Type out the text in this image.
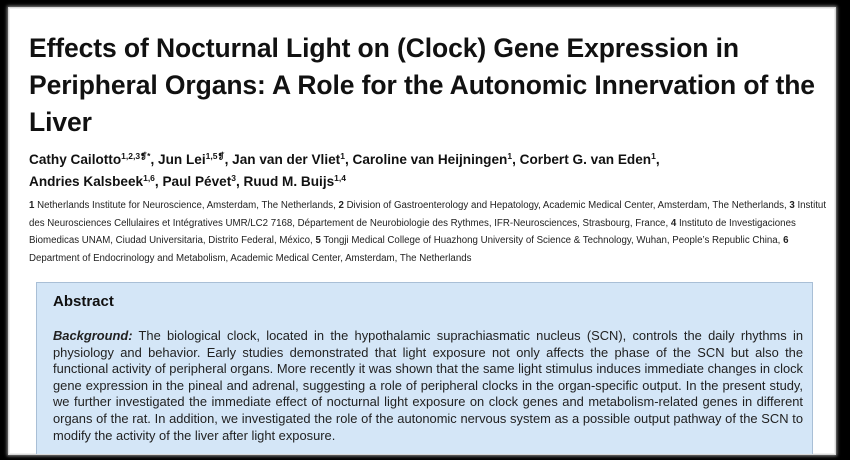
Effects of Nocturnal Light on (Clock) Gene Expression in Peripheral Organs: A Role for the Autonomic Innervation of the Liver

Cathy Cailotto$^{1,2,3❡*}$, Jun Lei$^{1,5❡}$, Jan van der Vliet$^1$, Caroline van Heijningen$^1$, Corbert G. van Eden$^1$,
Andries Kalsbeek$^{1,6}$, Paul Pévet$^3$, Ruud M. Buijs$^{1,4}$

1 Netherlands Institute for Neuroscience, Amsterdam, The Netherlands, 2 Division of Gastroenterology and Hepatology, Academic Medical Center, Amsterdam, The Netherlands, 3 Institut des Neurosciences Cellulaires et Intégratives UMR/LC2 7168, Département de Neurobiologie des Rythmes, IFR-Neurosciences, Strasbourg, France, 4 Instituto de Investigaciones Biomedicas UNAM, Ciudad Universitaria, Distrito Federal, México, 5 Tongji Medical College of Huazhong University of Science & Technology, Wuhan, People’s Republic China, 6 Department of Endocrinology and Metabolism, Academic Medical Center, Amsterdam, The Netherlands

Abstract

Background: The biological clock, located in the hypothalamic suprachiasmatic nucleus (SCN), controls the daily rhythms in physiology and behavior. Early studies demonstrated that light exposure not only affects the phase of the SCN but also the functional activity of peripheral organs. More recently it was shown that the same light stimulus induces immediate changes in clock gene expression in the pineal and adrenal, suggesting a role of peripheral clocks in the organ-specific output. In the present study, we further investigated the immediate effect of nocturnal light exposure on clock genes and metabolism-related genes in different organs of the rat. In addition, we investigated the role of the autonomic nervous system as a possible output pathway of the SCN to modify the activity of the liver after light exposure.
